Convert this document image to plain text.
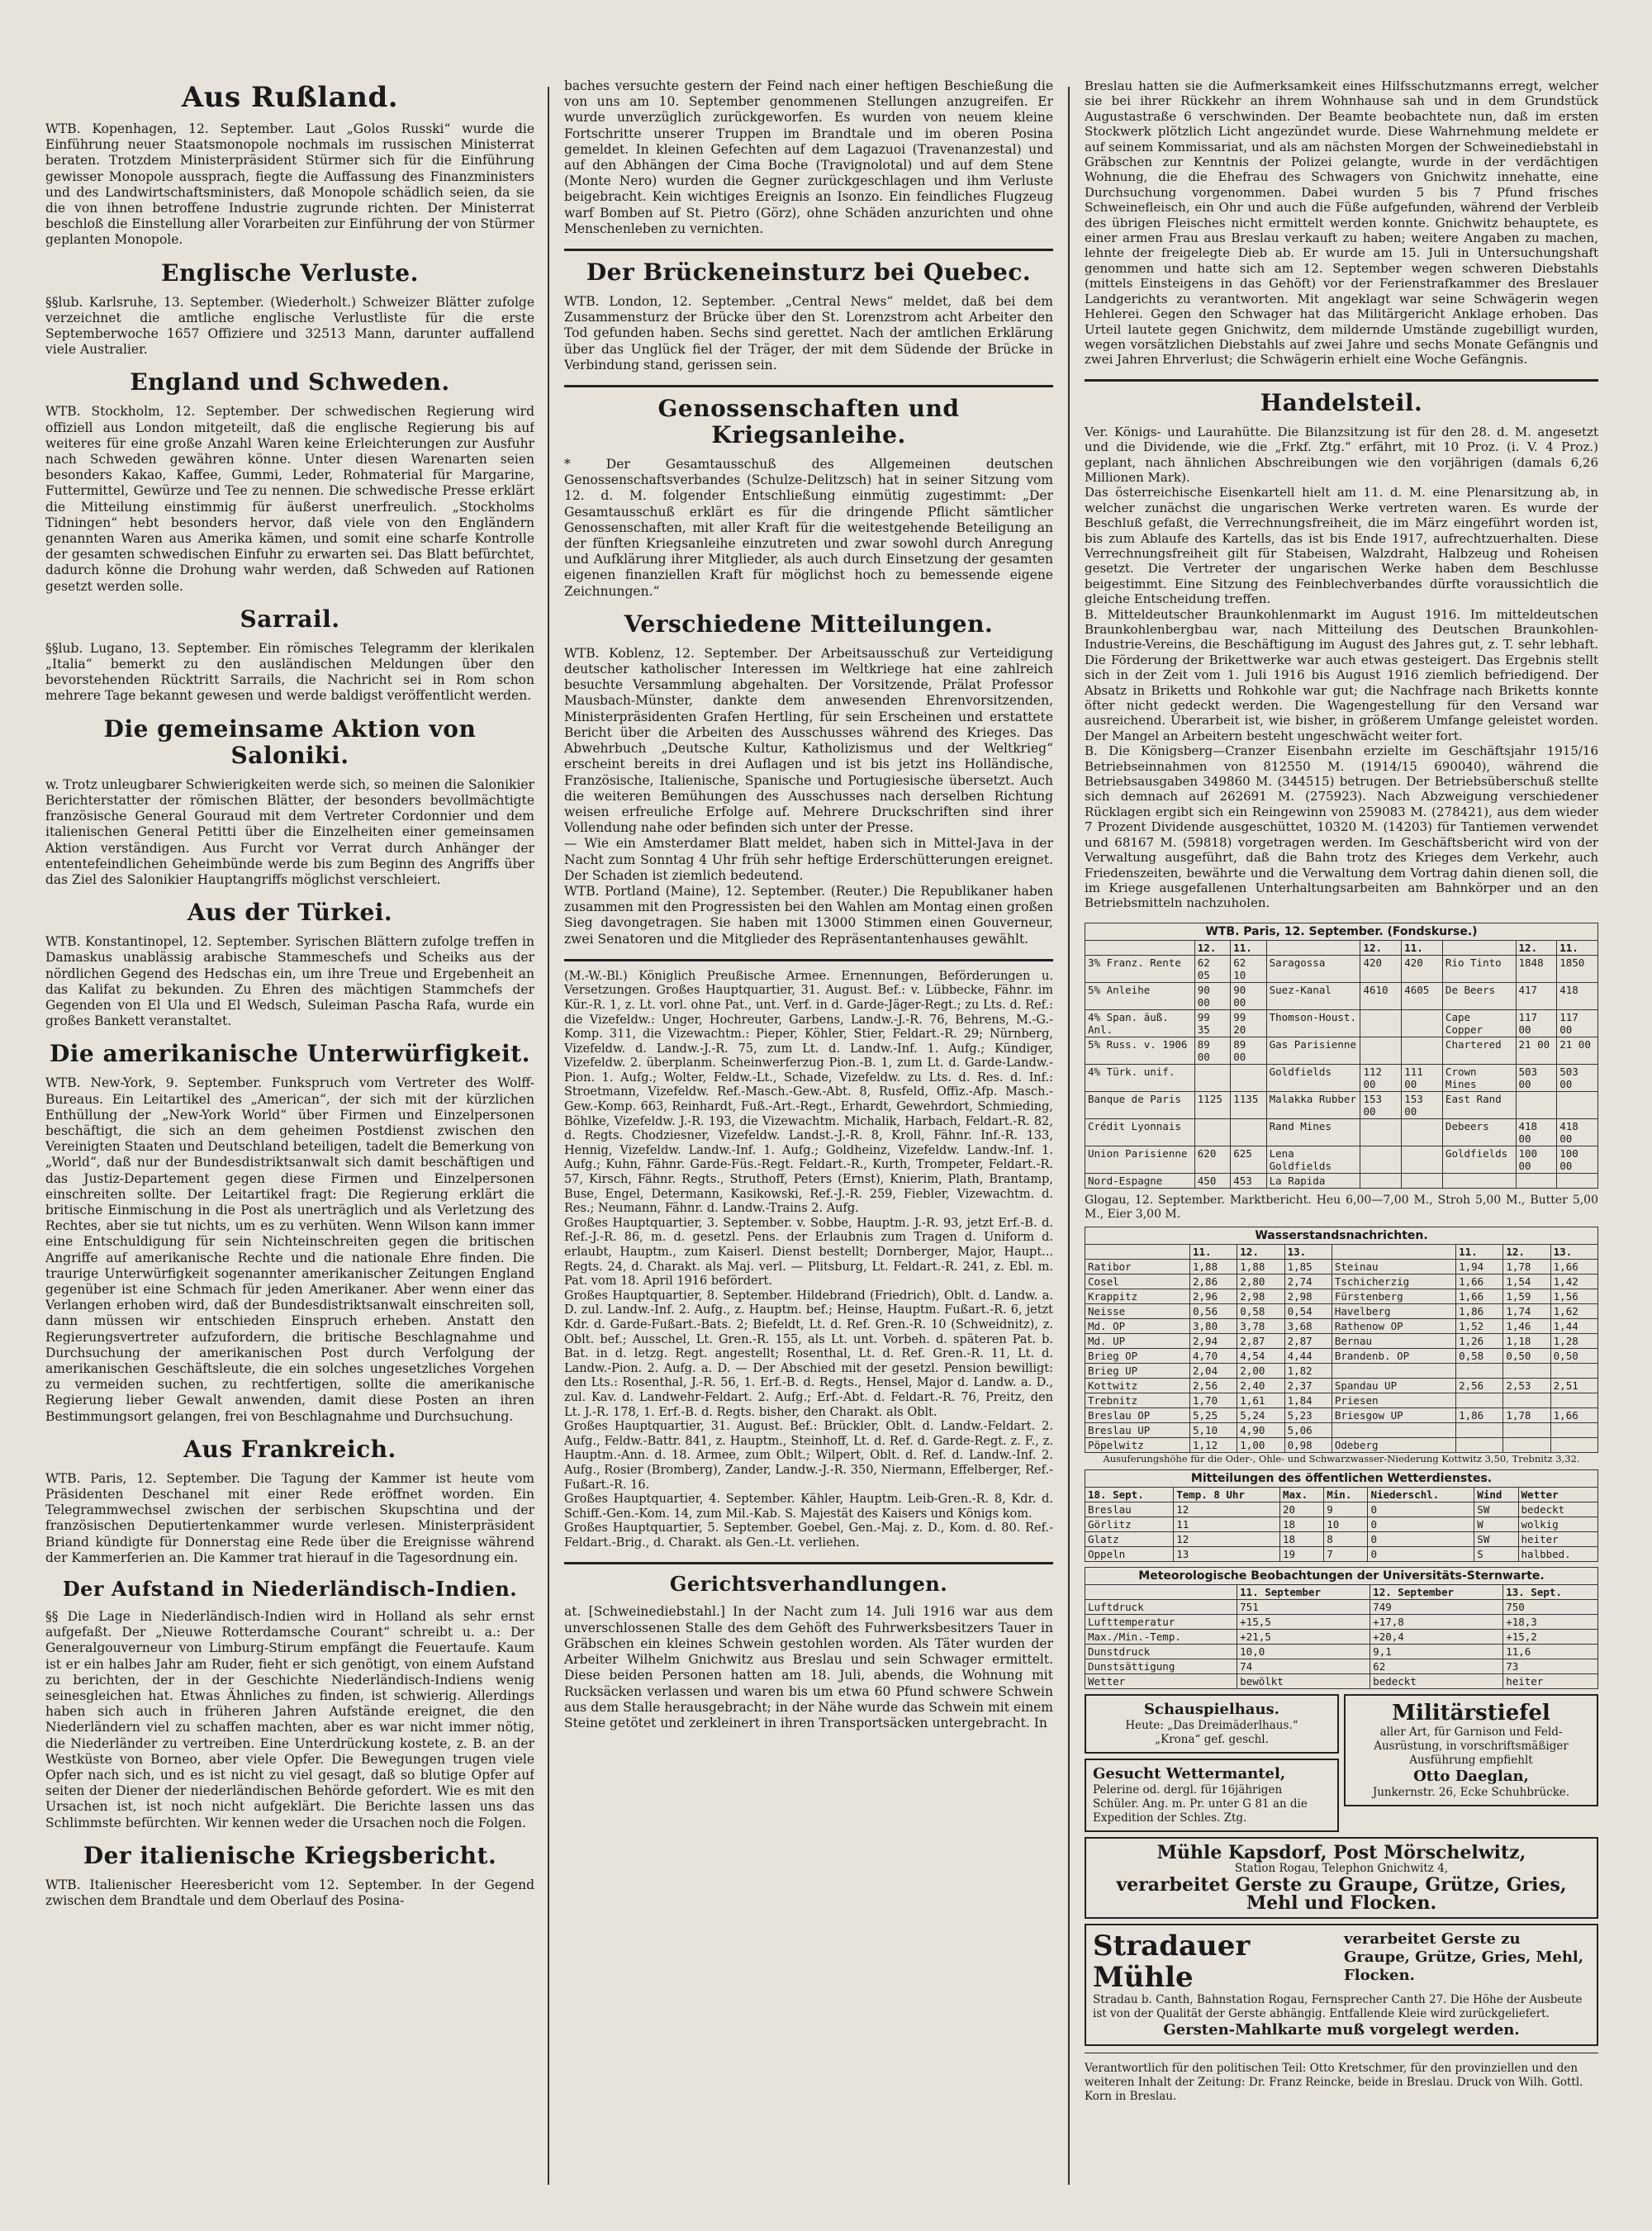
Aus Rußland.

WTB. Kopenhagen, 12. September. Laut „Golos Russki“ wurde die Einführung neuer Staatsmonopole nochmals im russischen Ministerrat beraten. Trotzdem Ministerpräsident Stürmer sich für die Einführung gewisser Monopole aussprach, fiegte die Auffassung des Finanzministers und des Landwirtschaftsministers, daß Monopole schädlich seien, da sie die von ihnen betroffene Industrie zugrunde richten. Der Ministerrat beschloß die Einstellung aller Vorarbeiten zur Einführung der von Stürmer geplanten Monopole.

Englische Verluste.

§§lub. Karlsruhe, 13. September. (Wiederholt.) Schweizer Blätter zufolge verzeichnet die amtliche englische Verlustliste für die erste Septemberwoche 1657 Offiziere und 32513 Mann, darunter auffallend viele Australier.

England und Schweden.

WTB. Stockholm, 12. September. Der schwedischen Regierung wird offiziell aus London mitgeteilt, daß die englische Regierung bis auf weiteres für eine große Anzahl Waren keine Erleichterungen zur Ausfuhr nach Schweden gewähren könne. Unter diesen Warenarten seien besonders Kakao, Kaffee, Gummi, Leder, Rohmaterial für Margarine, Futtermittel, Gewürze und Tee zu nennen. Die schwedische Presse erklärt die Mitteilung einstimmig für äußerst unerfreulich. „Stockholms Tidningen“ hebt besonders hervor, daß viele von den Engländern genannten Waren aus Amerika kämen, und somit eine scharfe Kontrolle der gesamten schwedischen Einfuhr zu erwarten sei. Das Blatt befürchtet, dadurch könne die Drohung wahr werden, daß Schweden auf Rationen gesetzt werden solle.

Sarrail.

§§lub. Lugano, 13. September. Ein römisches Telegramm der klerikalen „Italia“ bemerkt zu den ausländischen Meldungen über den bevorstehenden Rücktritt Sarrails, die Nachricht sei in Rom schon mehrere Tage bekannt gewesen und werde baldigst veröffentlicht werden.

Die gemeinsame Aktion von Saloniki.

w. Trotz unleugbarer Schwierigkeiten werde sich, so meinen die Salonikier Berichterstatter der römischen Blätter, der besonders bevollmächtigte französische General Gouraud mit dem Vertreter Cordonnier und dem italienischen General Petitti über die Einzelheiten einer gemeinsamen Aktion verständigen. Aus Furcht vor Verrat durch Anhänger der ententefeindlichen Geheimbünde werde bis zum Beginn des Angriffs über das Ziel des Salonikier Hauptangriffs möglichst verschleiert.

Aus der Türkei.

WTB. Konstantinopel, 12. September. Syrischen Blättern zufolge treffen in Damaskus unablässig arabische Stammeschefs und Scheiks aus der nördlichen Gegend des Hedschas ein, um ihre Treue und Ergebenheit an das Kalifat zu bekunden. Zu Ehren des mächtigen Stammchefs der Gegenden von El Ula und El Wedsch, Suleiman Pascha Rafa, wurde ein großes Bankett veranstaltet.

Die amerikanische Unterwürfigkeit.

WTB. New-York, 9. September. Funkspruch vom Vertreter des Wolff-Bureaus. Ein Leitartikel des „American“, der sich mit der kürzlichen Enthüllung der „New-York World“ über Firmen und Einzelpersonen beschäftigt, die sich an dem geheimen Postdienst zwischen den Vereinigten Staaten und Deutschland beteiligen, tadelt die Bemerkung von „World“, daß nur der Bundesdistriktsanwalt sich damit beschäftigen und das Justiz-Departement gegen diese Firmen und Einzelpersonen einschreiten sollte. Der Leitartikel fragt: Die Regierung erklärt die britische Einmischung in die Post als unerträglich und als Verletzung des Rechtes, aber sie tut nichts, um es zu verhüten. Wenn Wilson kann immer eine Entschuldigung für sein Nichteinschreiten gegen die britischen Angriffe auf amerikanische Rechte und die nationale Ehre finden. Die traurige Unterwürfigkeit sogenannter amerikanischer Zeitungen England gegenüber ist eine Schmach für jeden Amerikaner. Aber wenn einer das Verlangen erhoben wird, daß der Bundesdistriktsanwalt einschreiten soll, dann müssen wir entschieden Einspruch erheben. Anstatt den Regierungsvertreter aufzufordern, die britische Beschlagnahme und Durchsuchung der amerikanischen Post durch Verfolgung der amerikanischen Geschäftsleute, die ein solches ungesetzliches Vorgehen zu vermeiden suchen, zu rechtfertigen, sollte die amerikanische Regierung lieber Gewalt anwenden, damit diese Posten an ihren Bestimmungsort gelangen, frei von Beschlagnahme und Durchsuchung.

Aus Frankreich.

WTB. Paris, 12. September. Die Tagung der Kammer ist heute vom Präsidenten Deschanel mit einer Rede eröffnet worden. Ein Telegrammwechsel zwischen der serbischen Skupschtina und der französischen Deputiertenkammer wurde verlesen. Ministerpräsident Briand kündigte für Donnerstag eine Rede über die Ereignisse während der Kammerferien an. Die Kammer trat hierauf in die Tagesordnung ein.

Der Aufstand in Niederländisch-Indien.

§§ Die Lage in Niederländisch-Indien wird in Holland als sehr ernst aufgefaßt. Der „Nieuwe Rotterdamsche Courant“ schreibt u. a.: Der Generalgouverneur von Limburg-Stirum empfängt die Feuertaufe. Kaum ist er ein halbes Jahr am Ruder, fieht er sich genötigt, von einem Aufstand zu berichten, der in der Geschichte Niederländisch-Indiens wenig seinesgleichen hat. Etwas Ähnliches zu finden, ist schwierig. Allerdings haben sich auch in früheren Jahren Aufstände ereignet, die den Niederländern viel zu schaffen machten, aber es war nicht immer nötig, die Niederländer zu vertreiben. Eine Unterdrückung kostete, z. B. an der Westküste von Borneo, aber viele Opfer. Die Bewegungen trugen viele Opfer nach sich, und es ist nicht zu viel gesagt, daß so blutige Opfer auf seiten der Diener der niederländischen Behörde gefordert. Wie es mit den Ursachen ist, ist noch nicht aufgeklärt. Die Berichte lassen uns das Schlimmste befürchten. Wir kennen weder die Ursachen noch die Folgen.

Der italienische Kriegsbericht.

WTB. Italienischer Heeresbericht vom 12. September. In der Gegend zwischen dem Brandtale und dem Oberlauf des Posina-

baches versuchte gestern der Feind nach einer heftigen Beschießung die von uns am 10. September genommenen Stellungen anzugreifen. Er wurde unverzüglich zurückgeworfen. Es wurden von neuem kleine Fortschritte unserer Truppen im Brandtale und im oberen Posina gemeldet. In kleinen Gefechten auf dem Lagazuoi (Travenanzestal) und auf den Abhängen der Cima Boche (Travignolotal) und auf dem Stene (Monte Nero) wurden die Gegner zurückgeschlagen und ihm Verluste beigebracht. Kein wichtiges Ereignis an Isonzo. Ein feindliches Flugzeug warf Bomben auf St. Pietro (Görz), ohne Schäden anzurichten und ohne Menschenleben zu vernichten.

Der Brückeneinsturz bei Quebec.

WTB. London, 12. September. „Central News“ meldet, daß bei dem Zusammensturz der Brücke über den St. Lorenzstrom acht Arbeiter den Tod gefunden haben. Sechs sind gerettet. Nach der amtlichen Erklärung über das Unglück fiel der Träger, der mit dem Südende der Brücke in Verbindung stand, gerissen sein.

Genossenschaften und Kriegsanleihe.

* Der Gesamtausschuß des Allgemeinen deutschen Genossenschaftsverbandes (Schulze-Delitzsch) hat in seiner Sitzung vom 12. d. M. folgender Entschließung einmütig zugestimmt: „Der Gesamtausschuß erklärt es für die dringende Pflicht sämtlicher Genossenschaften, mit aller Kraft für die weitestgehende Beteiligung an der fünften Kriegsanleihe einzutreten und zwar sowohl durch Anregung und Aufklärung ihrer Mitglieder, als auch durch Einsetzung der gesamten eigenen finanziellen Kraft für möglichst hoch zu bemessende eigene Zeichnungen.“

Verschiedene Mitteilungen.

WTB. Koblenz, 12. September. Der Arbeitsausschuß zur Verteidigung deutscher katholischer Interessen im Weltkriege hat eine zahlreich besuchte Versammlung abgehalten. Der Vorsitzende, Prälat Professor Mausbach-Münster, dankte dem anwesenden Ehrenvorsitzenden, Ministerpräsidenten Grafen Hertling, für sein Erscheinen und erstattete Bericht über die Arbeiten des Ausschusses während des Krieges. Das Abwehrbuch „Deutsche Kultur, Katholizismus und der Weltkrieg“ erscheint bereits in drei Auflagen und ist bis jetzt ins Holländische, Französische, Italienische, Spanische und Portugiesische übersetzt. Auch die weiteren Bemühungen des Ausschusses nach derselben Richtung weisen erfreuliche Erfolge auf. Mehrere Druckschriften sind ihrer Vollendung nahe oder befinden sich unter der Presse.
— Wie ein Amsterdamer Blatt meldet, haben sich in Mittel-Java in der Nacht zum Sonntag 4 Uhr früh sehr heftige Erderschütterungen ereignet. Der Schaden ist ziemlich bedeutend.
WTB. Portland (Maine), 12. September. (Reuter.) Die Republikaner haben zusammen mit den Progressisten bei den Wahlen am Montag einen großen Sieg davongetragen. Sie haben mit 13000 Stimmen einen Gouverneur, zwei Senatoren und die Mitglieder des Repräsentantenhauses gewählt.

(M.-W.-Bl.) Königlich Preußische Armee. Ernennungen, Beförderungen u. Versetzungen. Großes Hauptquartier, 31. August. Bef.: v. Lübbecke, Fähnr. im Kür.-R. 1, z. Lt. vorl. ohne Pat., unt. Verf. in d. Garde-Jäger-Regt.; zu Lts. d. Ref.: die Vizefeldw.: Unger, Hochreuter, Garbens, Landw.-J.-R. 76, Behrens, M.-G.-Komp. 311, die Vizewachtm.: Pieper, Köhler, Stier, Feldart.-R. 29; Nürnberg, Vizefeldw. d. Landw.-J.-R. 75, zum Lt. d. Landw.-Inf. 1. Aufg.; Kündiger, Vizefeldw. 2. überplanm. Scheinwerferzug Pion.-B. 1, zum Lt. d. Garde-Landw.-Pion. 1. Aufg.; Wolter, Feldw.-Lt., Schade, Vizefeldw. zu Lts. d. Res. d. Inf.: Stroetmann, Vizefeldw. Ref.-Masch.-Gew.-Abt. 8, Rusfeld, Offiz.-Afp. Masch.-Gew.-Komp. 663, Reinhardt, Fuß.-Art.-Regt., Erhardt, Gewehrdort, Schmieding, Böhlke, Vizefeldw. J.-R. 193, die Vizewachtm. Michalik, Harbach, Feldart.-R. 82, d. Regts. Chodziesner, Vizefeldw. Landst.-J.-R. 8, Kroll, Fähnr. Inf.-R. 133, Hennig, Vizefeldw. Landw.-Inf. 1. Aufg.; Goldheinz, Vizefeldw. Landw.-Inf. 1. Aufg.; Kuhn, Fähnr. Garde-Füs.-Regt. Feldart.-R., Kurth, Trompeter, Feldart.-R. 57, Kirsch, Fähnr. Regts., Struthoff, Peters (Ernst), Knierim, Plath, Brantamp, Buse, Engel, Determann, Kasikowski, Ref.-J.-R. 259, Fiebler, Vizewachtm. d. Res.; Neumann, Fähnr. d. Landw.-Trains 2. Aufg.
Großes Hauptquartier, 3. September. v. Sobbe, Hauptm. J.-R. 93, jetzt Erf.-B. d. Ref.-J.-R. 86, m. d. gesetzl. Pens. der Erlaubnis zum Tragen d. Uniform d. erlaubt, Hauptm., zum Kaiserl. Dienst bestellt; Dornberger, Major, Haupt... Regts. 24, d. Charakt. als Maj. verl. — Plitsburg, Lt. Feldart.-R. 241, z. Ebl. m. Pat. vom 18. April 1916 befördert.
Großes Hauptquartier, 8. September. Hildebrand (Friedrich), Oblt. d. Landw. a. D. zul. Landw.-Inf. 2. Aufg., z. Hauptm. bef.; Heinse, Hauptm. Fußart.-R. 6, jetzt Kdr. d. Garde-Fußart.-Bats. 2; Biefeldt, Lt. d. Ref. Gren.-R. 10 (Schweidnitz), z. Oblt. bef.; Ausschel, Lt. Gren.-R. 155, als Lt. unt. Vorbeh. d. späteren Pat. b. Bat. in d. letzg. Regt. angestellt; Rosenthal, Lt. d. Ref. Gren.-R. 11, Lt. d. Landw.-Pion. 2. Aufg. a. D. — Der Abschied mit der gesetzl. Pension bewilligt: den Lts.: Rosenthal, J.-R. 56, 1. Erf.-B. d. Regts., Hensel, Major d. Landw. a. D., zul. Kav. d. Landwehr-Feldart. 2. Aufg.; Erf.-Abt. d. Feldart.-R. 76, Preitz, den Lt. J.-R. 178, 1. Erf.-B. d. Regts. bisher, den Charakt. als Oblt.
Großes Hauptquartier, 31. August. Bef.: Brückler, Oblt. d. Landw.-Feldart. 2. Aufg., Feldw.-Battr. 841, z. Hauptm., Steinhoff, Lt. d. Ref. d. Garde-Regt. z. F., z. Hauptm.-Ann. d. 18. Armee, zum Oblt.; Wilpert, Oblt. d. Ref. d. Landw.-Inf. 2. Aufg., Rosier (Bromberg), Zander, Landw.-J.-R. 350, Niermann, Effelberger, Ref.-Fußart.-R. 16.
Großes Hauptquartier, 4. September. Kähler, Hauptm. Leib-Gren.-R. 8, Kdr. d. Schiff.-Gen.-Kom. 14, zum Mil.-Kab. S. Majestät des Kaisers und Königs kom.
Großes Hauptquartier, 5. September. Goebel, Gen.-Maj. z. D., Kom. d. 80. Ref.-Feldart.-Brig., d. Charakt. als Gen.-Lt. verliehen.

Gerichtsverhandlungen.

at. [Schweinediebstahl.] In der Nacht zum 14. Juli 1916 war aus dem unverschlossenen Stalle des dem Gehöft des Fuhrwerksbesitzers Tauer in Gräbschen ein kleines Schwein gestohlen worden. Als Täter wurden der Arbeiter Wilhelm Gnichwitz aus Breslau und sein Schwager ermittelt. Diese beiden Personen hatten am 18. Juli, abends, die Wohnung mit Rucksäcken verlassen und waren bis um etwa 60 Pfund schwere Schwein aus dem Stalle herausgebracht; in der Nähe wurde das Schwein mit einem Steine getötet und zerkleinert in ihren Transportsäcken untergebracht. In

Breslau hatten sie die Aufmerksamkeit eines Hilfsschutzmanns erregt, welcher sie bei ihrer Rückkehr an ihrem Wohnhause sah und in dem Grundstück Augustastraße 6 verschwinden. Der Beamte beobachtete nun, daß im ersten Stockwerk plötzlich Licht angezündet wurde. Diese Wahrnehmung meldete er auf seinem Kommissariat, und als am nächsten Morgen der Schweinediebstahl in Gräbschen zur Kenntnis der Polizei gelangte, wurde in der verdächtigen Wohnung, die die Ehefrau des Schwagers von Gnichwitz innehatte, eine Durchsuchung vorgenommen. Dabei wurden 5 bis 7 Pfund frisches Schweinefleisch, ein Ohr und auch die Füße aufgefunden, während der Verbleib des übrigen Fleisches nicht ermittelt werden konnte. Gnichwitz behauptete, es einer armen Frau aus Breslau verkauft zu haben; weitere Angaben zu machen, lehnte der freigelegte Dieb ab. Er wurde am 15. Juli in Untersuchungshaft genommen und hatte sich am 12. September wegen schweren Diebstahls (mittels Einsteigens in das Gehöft) vor der Ferienstrafkammer des Breslauer Landgerichts zu verantworten. Mit angeklagt war seine Schwägerin wegen Hehlerei. Gegen den Schwager hat das Militärgericht Anklage erhoben. Das Urteil lautete gegen Gnichwitz, dem mildernde Umstände zugebilligt wurden, wegen vorsätzlichen Diebstahls auf zwei Jahre und sechs Monate Gefängnis und zwei Jahren Ehrverlust; die Schwägerin erhielt eine Woche Gefängnis.

Handelsteil.

Ver. Königs- und Laurahütte. Die Bilanzsitzung ist für den 28. d. M. angesetzt und die Dividende, wie die „Frkf. Ztg.“ erfährt, mit 10 Proz. (i. V. 4 Proz.) geplant, nach ähnlichen Abschreibungen wie den vorjährigen (damals 6,26 Millionen Mark).
Das österreichische Eisenkartell hielt am 11. d. M. eine Plenarsitzung ab, in welcher zunächst die ungarischen Werke vertreten waren. Es wurde der Beschluß gefaßt, die Verrechnungsfreiheit, die im März eingeführt worden ist, bis zum Ablaufe des Kartells, das ist bis Ende 1917, aufrechtzuerhalten. Diese Verrechnungsfreiheit gilt für Stabeisen, Walzdraht, Halbzeug und Roheisen gesetzt. Die Vertreter der ungarischen Werke haben dem Beschlusse beigestimmt. Eine Sitzung des Feinblechverbandes dürfte voraussichtlich die gleiche Entscheidung treffen.
B. Mitteldeutscher Braunkohlenmarkt im August 1916. Im mitteldeutschen Braunkohlenbergbau war, nach Mitteilung des Deutschen Braunkohlen-Industrie-Vereins, die Beschäftigung im August des Jahres gut, z. T. sehr lebhaft. Die Förderung der Brikettwerke war auch etwas gesteigert. Das Ergebnis stellt sich in der Zeit vom 1. Juli 1916 bis August 1916 ziemlich befriedigend. Der Absatz in Briketts und Rohkohle war gut; die Nachfrage nach Briketts konnte öfter nicht gedeckt werden. Die Wagengestellung für den Versand war ausreichend. Überarbeit ist, wie bisher, in größerem Umfange geleistet worden. Der Mangel an Arbeitern besteht ungeschwächt weiter fort.
B. Die Königsberg—Cranzer Eisenbahn erzielte im Geschäftsjahr 1915/16 Betriebseinnahmen von 812550 M. (1914/15 690040), während die Betriebsausgaben 349860 M. (344515) betrugen. Der Betriebsüberschuß stellte sich demnach auf 262691 M. (275923). Nach Abzweigung verschiedener Rücklagen ergibt sich ein Reingewinn von 259083 M. (278421), aus dem wieder 7 Prozent Dividende ausgeschüttet, 10320 M. (14203) für Tantiemen verwendet und 68167 M. (59818) vorgetragen werden. Im Geschäftsbericht wird von der Verwaltung ausgeführt, daß die Bahn trotz des Krieges dem Verkehr, auch Friedenszeiten, bewährte und die Verwaltung dem Vortrag dahin dienen soll, die im Kriege ausgefallenen Unterhaltungsarbeiten am Bahnkörper und an den Betriebsmitteln nachzuholen.

WTB. Paris, 12. September. (Fondskurse.)
	12.	11.		12.	11.		12.	11.
3% Franz. Rente	62 05	62 10	Saragossa	420	420	Rio Tinto	1848	1850
5% Anleihe	90 00	90 00	Suez-Kanal	4610	4605	De Beers	417	418
4% Span. äuß. Anl.	99 35	99 20	Thomson-Houst.			Cape Copper	117 00	117 00
5% Russ. v. 1906	89 00	89 00	Gas Parisienne			Chartered	21 00	21 00
4% Türk. unif.			Goldfields	112 00	111 00	Crown Mines	503 00	503 00
Banque de Paris	1125	1135	Malakka Rubber	153 00	153 00	East Rand		
Crédit Lyonnais			Rand Mines			Debeers	418 00	418 00
Union Parisienne	620	625	Lena Goldfields			Goldfields	100 00	100 00
Nord-Espagne	450	453	La Rapida					

Glogau, 12. September. Marktbericht. Heu 6,00—7,00 M., Stroh 5,00 M., Butter 5,00 M., Eier 3,00 M.

Wasserstandsnachrichten.
	11.	12.	13.		11.	12.	13.
Ratibor	1,88	1,88	1,85	Steinau	1,94	1,78	1,66
Cosel	2,86	2,80	2,74	Tschicherzig	1,66	1,54	1,42
Krappitz	2,96	2,98	2,98	Fürstenberg	1,66	1,59	1,56
Neisse	0,56	0,58	0,54	Havelberg	1,86	1,74	1,62
Md. OP	3,80	3,78	3,68	Rathenow OP	1,52	1,46	1,44
Md. UP	2,94	2,87	2,87	Bernau	1,26	1,18	1,28
Brieg OP	4,70	4,54	4,44	Brandenb. OP	0,58	0,50	0,50
Brieg UP	2,04	2,00	1,82				
Kottwitz	2,56	2,40	2,37	Spandau UP	2,56	2,53	2,51
Trebnitz	1,70	1,61	1,84	Priesen			
Breslau OP	5,25	5,24	5,23	Briesgow UP	1,86	1,78	1,66
Breslau UP	5,10	4,90	5,06				
Pöpelwitz	1,12	1,00	0,98	Odeberg			
Ausuferungshöhe für die Oder-, Ohle- und Schwarzwasser-Niederung Kottwitz 3,50, Trebnitz 3,32.
Mitteilungen des öffentlichen Wetterdienstes.
18. Sept.	Temp. 8 Uhr	Max.	Min.	Niederschl.	Wind	Wetter
Breslau	12	20	9	0	SW	bedeckt
Görlitz	11	18	10	0	W	wolkig
Glatz	12	18	8	0	SW	heiter
Oppeln	13	19	7	0	S	halbbed.
Meteorologische Beobachtungen der Universitäts-Sternwarte.
	11. September	12. September	13. Sept.
Luftdruck	751	749	750
Lufttemperatur	+15,5	+17,8	+18,3
Max./Min.-Temp.	+21,5	+20,4	+15,2
Dunstdruck	10,0	9,1	11,6
Dunstsättigung	74	62	73
Wetter	bewölkt	bedeckt	heiter
Schauspielhaus.
Heute: „Das Dreimäderlhaus.“
„Krona“ gef. geschl.
Gesucht Wettermantel,
Pelerine od. dergl. für 16jährigen Schüler. Ang. m. Pr. unter G 81 an die Expedition der Schles. Ztg.
Militärstiefel
aller Art, für Garnison und Feld-Ausrüstung, in vorschriftsmäßiger Ausführung empfiehlt
Otto Daeglan,
Junkernstr. 26, Ecke Schuhbrücke.
Mühle Kapsdorf, Post Mörschelwitz,
Station Rogau, Telephon Gnichwitz 4,
verarbeitet Gerste zu Graupe, Grütze, Gries, Mehl und Flocken.
Stradauer Mühle
verarbeitet Gerste zu Graupe, Grütze, Gries, Mehl, Flocken.
Stradau b. Canth, Bahnstation Rogau, Fernsprecher Canth 27. Die Höhe der Ausbeute ist von der Qualität der Gerste abhängig. Entfallende Kleie wird zurückgeliefert.
Gersten-Mahlkarte muß vorgelegt werden.
Verantwortlich für den politischen Teil: Otto Kretschmer, für den provinziellen und den weiteren Inhalt der Zeitung: Dr. Franz Reincke, beide in Breslau. Druck von Wilh. Gottl. Korn in Breslau.
